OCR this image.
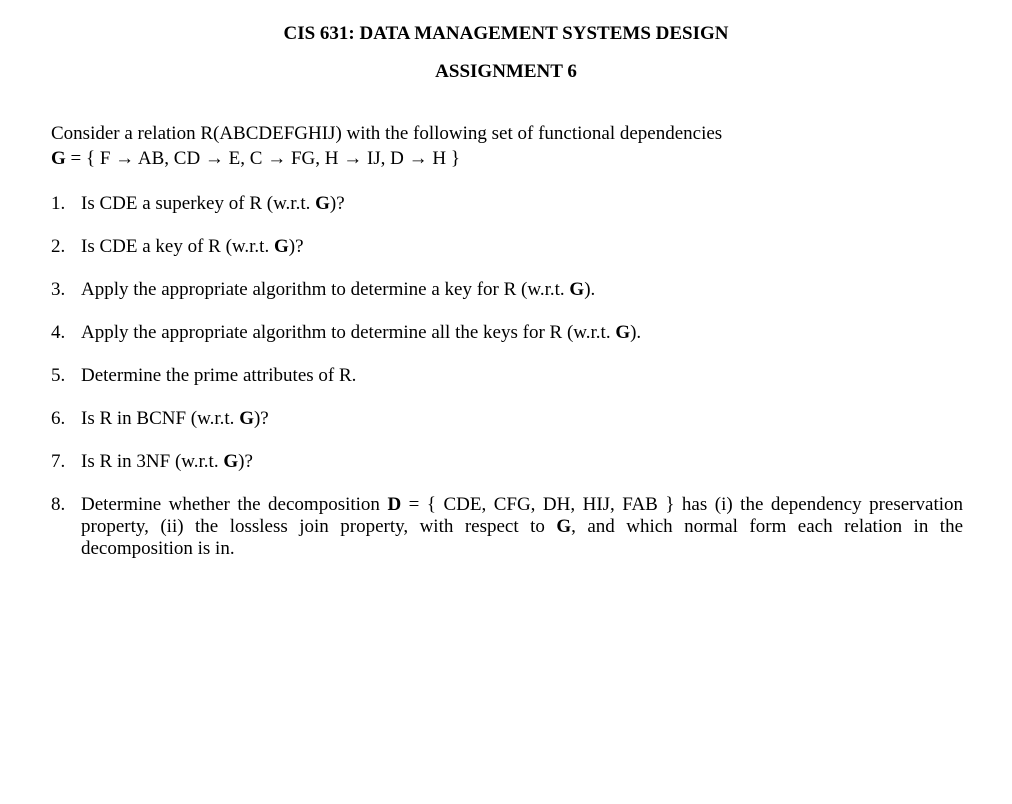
CIS 631: DATA MANAGEMENT SYSTEMS DESIGN
ASSIGNMENT 6
Consider a relation R(ABCDEFGHIJ) with the following set of functional dependencies
G = { F → AB, CD → E, C → FG, H → IJ, D → H }
1. Is CDE a superkey of R (w.r.t. G)?
2. Is CDE a key of R (w.r.t. G)?
3. Apply the appropriate algorithm to determine a key for R (w.r.t. G).
4. Apply the appropriate algorithm to determine all the keys for R (w.r.t. G).
5. Determine the prime attributes of R.
6. Is R in BCNF (w.r.t. G)?
7. Is R in 3NF (w.r.t. G)?
8. Determine whether the decomposition D = { CDE, CFG, DH, HIJ, FAB } has (i) the dependency preservation property, (ii) the lossless join property, with respect to G, and which normal form each relation in the decomposition is in.
